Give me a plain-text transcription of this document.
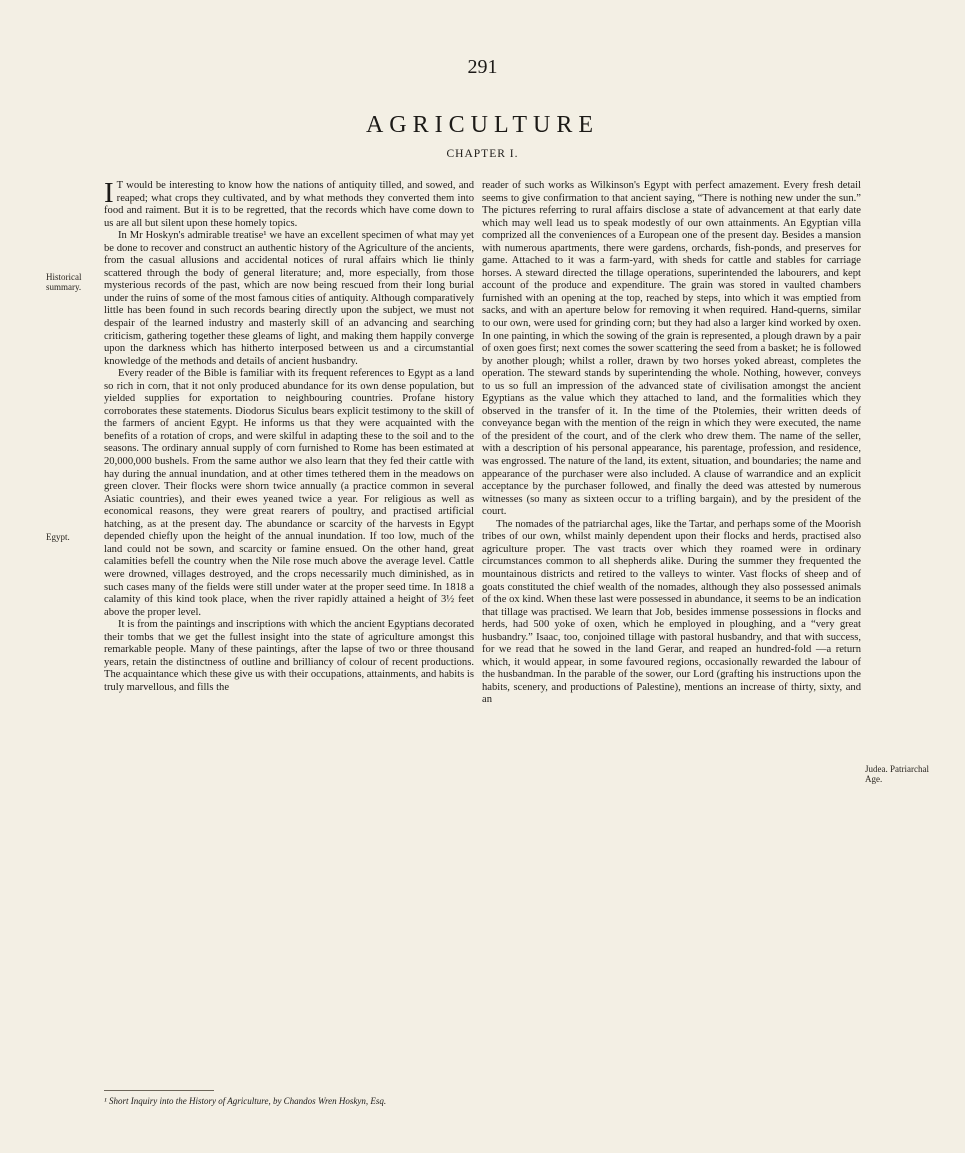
291
AGRICULTURE
CHAPTER I.
Historical summary.
Egypt.
Judea. Patriarchal Age.

I T would be interesting to know how the nations of antiquity tilled, and sowed, and reaped; what crops they cultivated, and by what methods they converted them into food and raiment. But it is to be regretted, that the records which have come down to us are all but silent upon these homely topics.

In Mr Hoskyn's admirable treatise¹ we have an excellent specimen of what may yet be done to recover and construct an authentic history of the Agriculture of the ancients, from the casual allusions and accidental notices of rural affairs which lie thinly scattered through the body of general literature; and, more especially, from those mysterious records of the past, which are now being rescued from their long burial under the ruins of some of the most famous cities of antiquity. Although comparatively little has been found in such records bearing directly upon the subject, we must not despair of the learned industry and masterly skill of an advancing and searching criticism, gathering together these gleams of light, and making them happily converge upon the darkness which has hitherto interposed between us and a circumstantial knowledge of the methods and details of ancient husbandry.

Every reader of the Bible is familiar with its frequent references to Egypt as a land so rich in corn, that it not only produced abundance for its own dense population, but yielded supplies for exportation to neighbouring countries. Profane history corroborates these statements. Diodorus Siculus bears explicit testimony to the skill of the farmers of ancient Egypt. He informs us that they were acquainted with the benefits of a rotation of crops, and were skilful in adapting these to the soil and to the seasons. The ordinary annual supply of corn furnished to Rome has been estimated at 20,000,000 bushels. From the same author we also learn that they fed their cattle with hay during the annual inundation, and at other times tethered them in the meadows on green clover. Their flocks were shorn twice annually (a practice common in several Asiatic countries), and their ewes yeaned twice a year. For religious as well as economical reasons, they were great rearers of poultry, and practised artificial hatching, as at the present day. The abundance or scarcity of the harvests in Egypt depended chiefly upon the height of the annual inundation. If too low, much of the land could not be sown, and scarcity or famine ensued. On the other hand, great calamities befell the country when the Nile rose much above the average level. Cattle were drowned, villages destroyed, and the crops necessarily much diminished, as in such cases many of the fields were still under water at the proper seed time. In 1818 a calamity of this kind took place, when the river rapidly attained a height of 3½ feet above the proper level.

It is from the paintings and inscriptions with which the ancient Egyptians decorated their tombs that we get the fullest insight into the state of agriculture amongst this remarkable people. Many of these paintings, after the lapse of two or three thousand years, retain the distinctness of outline and brilliancy of colour of recent productions. The acquaintance which these give us with their occupations, attainments, and habits is truly marvellous, and fills the

reader of such works as Wilkinson's Egypt with perfect amazement. Every fresh detail seems to give confirmation to that ancient saying, “There is nothing new under the sun.” The pictures referring to rural affairs disclose a state of advancement at that early date which may well lead us to speak modestly of our own attainments. An Egyptian villa comprized all the conveniences of a European one of the present day. Besides a mansion with numerous apartments, there were gardens, orchards, fish-ponds, and preserves for game. Attached to it was a farm-yard, with sheds for cattle and stables for carriage horses. A steward directed the tillage operations, superintended the labourers, and kept account of the produce and expenditure. The grain was stored in vaulted chambers furnished with an opening at the top, reached by steps, into which it was emptied from sacks, and with an aperture below for removing it when required. Hand-querns, similar to our own, were used for grinding corn; but they had also a larger kind worked by oxen. In one painting, in which the sowing of the grain is represented, a plough drawn by a pair of oxen goes first; next comes the sower scattering the seed from a basket; he is followed by another plough; whilst a roller, drawn by two horses yoked abreast, completes the operation. The steward stands by superintending the whole. Nothing, however, conveys to us so full an impression of the advanced state of civilisation amongst the ancient Egyptians as the value which they attached to land, and the formalities which they observed in the transfer of it. In the time of the Ptolemies, their written deeds of conveyance began with the mention of the reign in which they were executed, the name of the president of the court, and of the clerk who drew them. The name of the seller, with a description of his personal appearance, his parentage, profession, and residence, was engrossed. The nature of the land, its extent, situation, and boundaries; the name and appearance of the purchaser were also included. A clause of warrandice and an explicit acceptance by the purchaser followed, and finally the deed was attested by numerous witnesses (so many as sixteen occur to a trifling bargain), and by the president of the court.

The nomades of the patriarchal ages, like the Tartar, and perhaps some of the Moorish tribes of our own, whilst mainly dependent upon their flocks and herds, practised also agriculture proper. The vast tracts over which they roamed were in ordinary circumstances common to all shepherds alike. During the summer they frequented the mountainous districts and retired to the valleys to winter. Vast flocks of sheep and of goats constituted the chief wealth of the nomades, although they also possessed animals of the ox kind. When these last were possessed in abundance, it seems to be an indication that tillage was practised. We learn that Job, besides immense possessions in flocks and herds, had 500 yoke of oxen, which he employed in ploughing, and a “very great husbandry.” Isaac, too, conjoined tillage with pastoral husbandry, and that with success, for we read that he sowed in the land Gerar, and reaped an hundred-fold —a return which, it would appear, in some favoured regions, occasionally rewarded the labour of the husbandman. In the parable of the sower, our Lord (grafting his instructions upon the habits, scenery, and productions of Palestine), mentions an increase of thirty, sixty, and an

¹ Short Inquiry into the History of Agriculture, by Chandos Wren Hoskyn, Esq.
